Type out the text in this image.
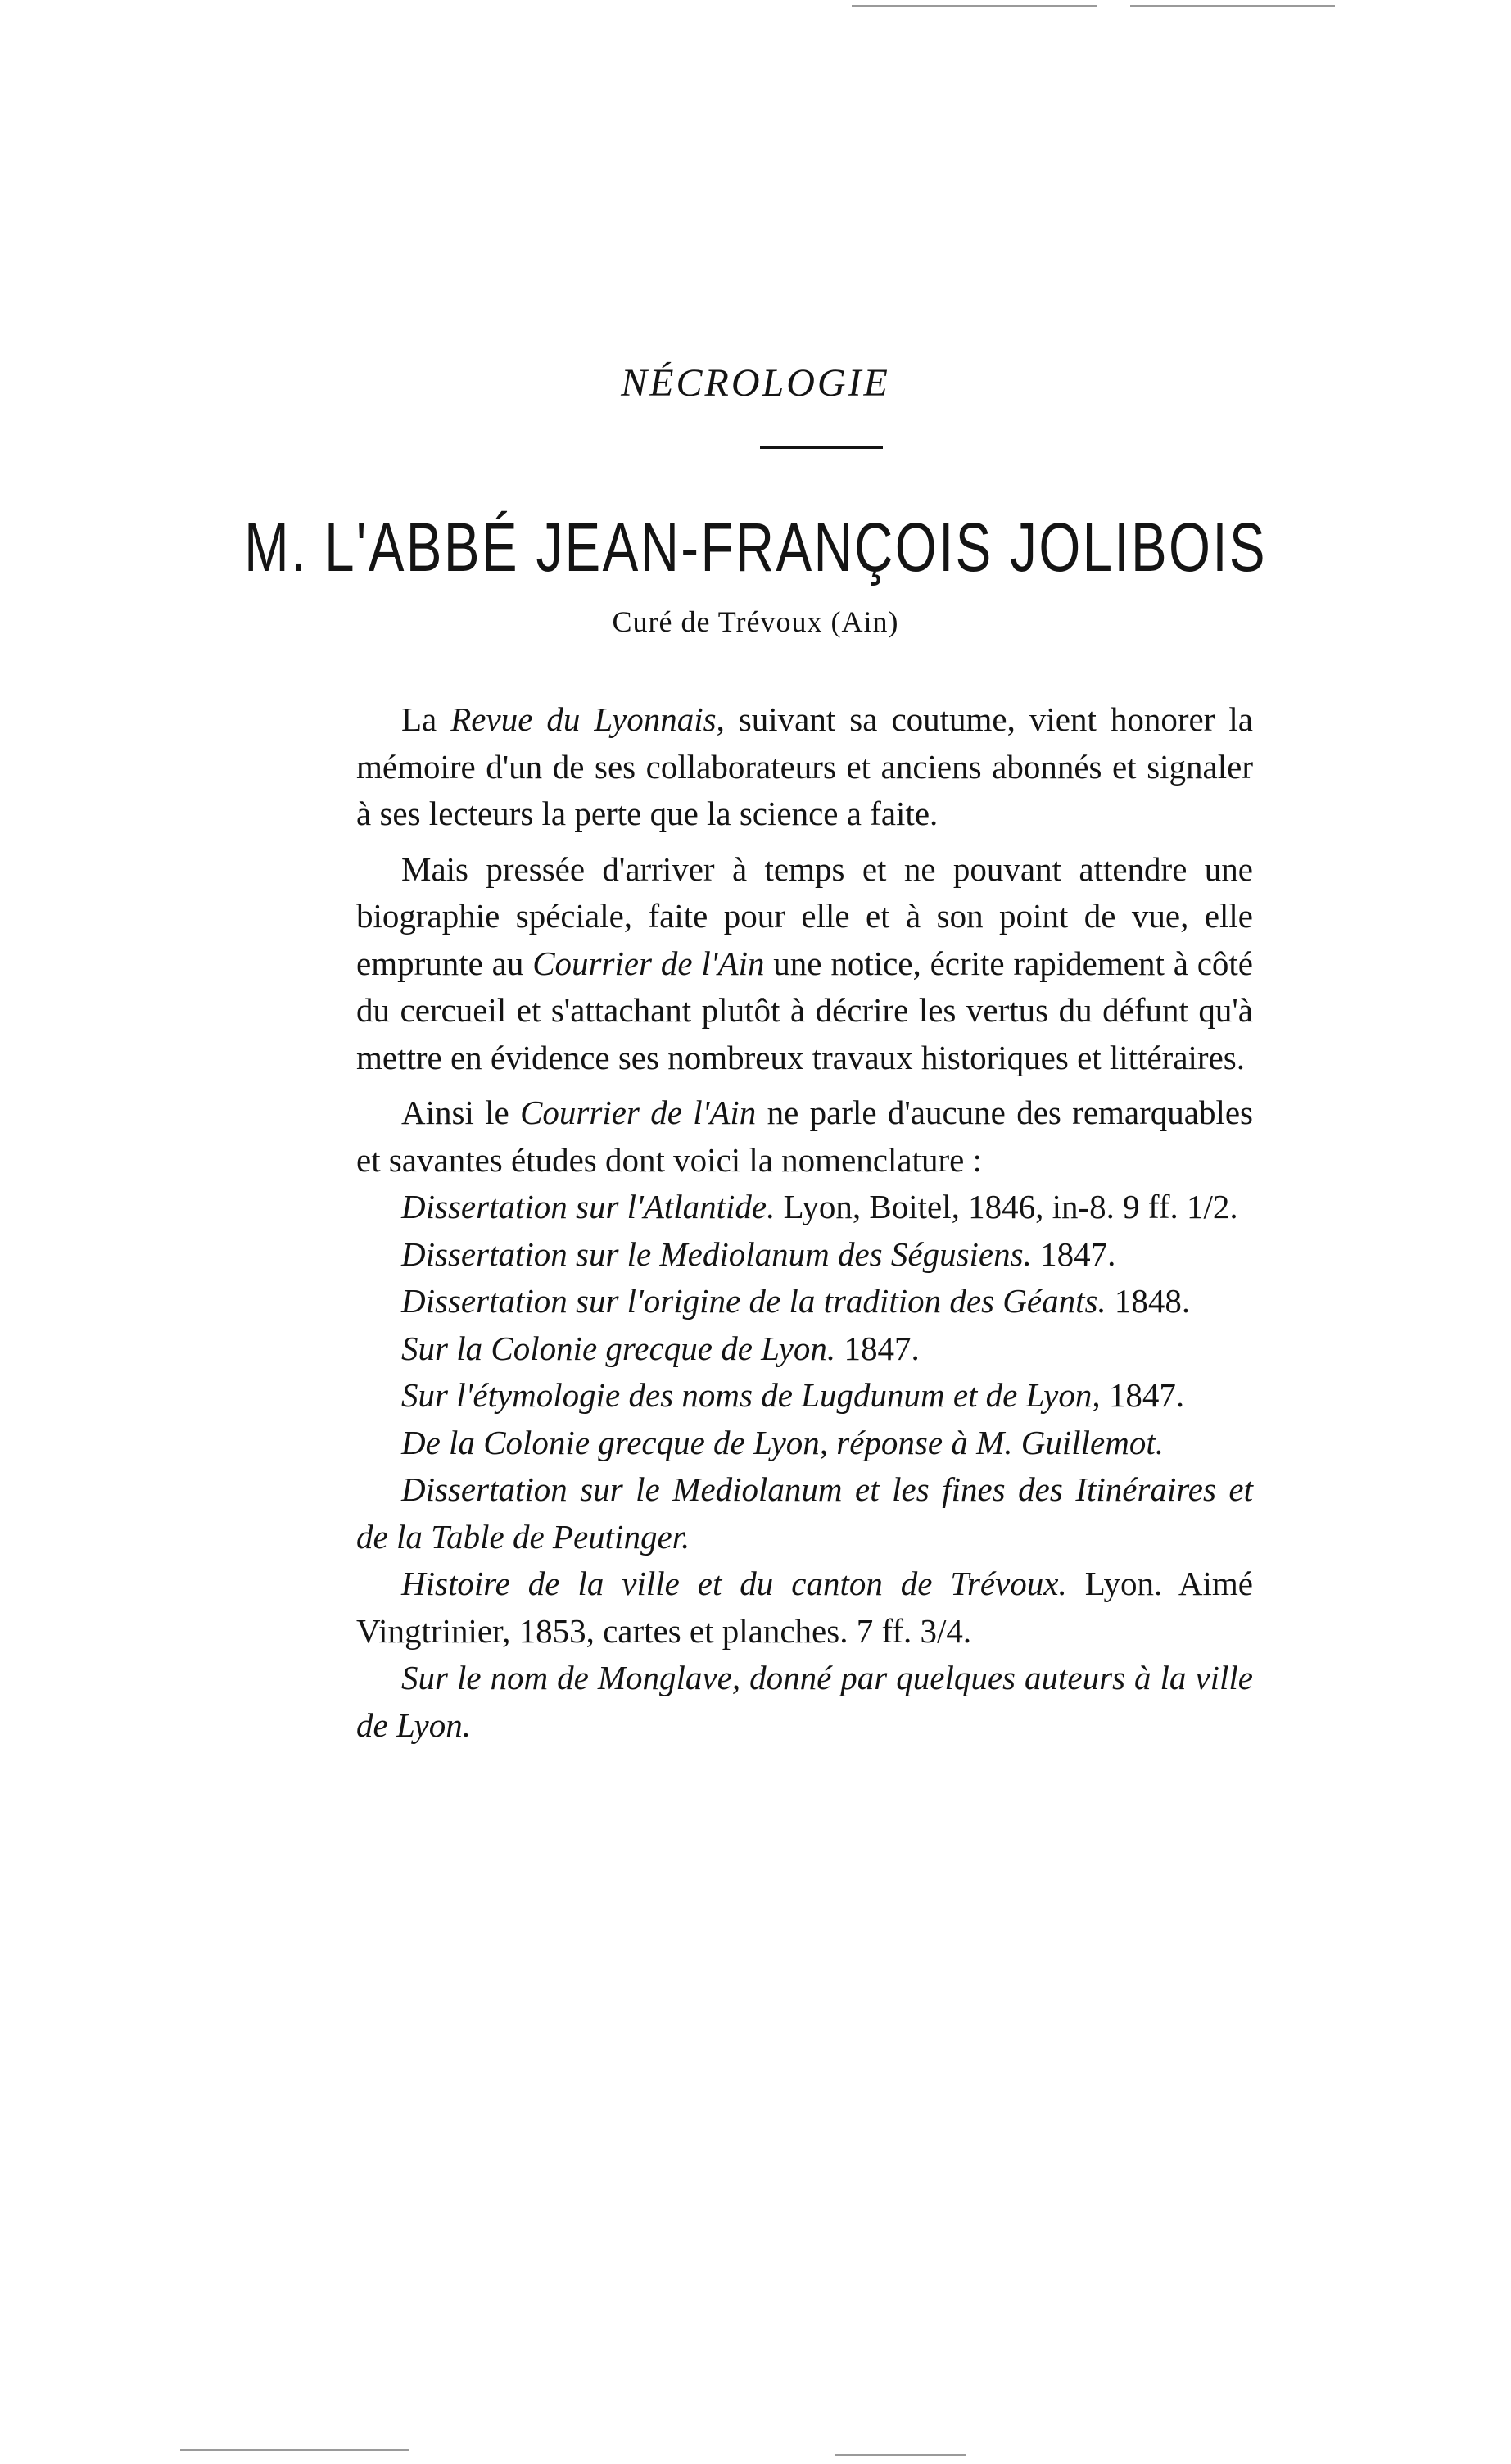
NÉCROLOGIE
M. L'ABBÉ JEAN-FRANÇOIS JOLIBOIS
Curé de Trévoux (Ain)

La Revue du Lyonnais, suivant sa coutume, vient honorer la mémoire d'un de ses collaborateurs et anciens abonnés et signaler à ses lecteurs la perte que la science a faite.

Mais pressée d'arriver à temps et ne pouvant attendre une biographie spéciale, faite pour elle et à son point de vue, elle emprunte au Courrier de l'Ain une notice, écrite rapidement à côté du cercueil et s'attachant plutôt à décrire les vertus du défunt qu'à mettre en évidence ses nombreux travaux historiques et littéraires.

Ainsi le Courrier de l'Ain ne parle d'aucune des remarquables et savantes études dont voici la nomenclature :

Dissertation sur l'Atlantide. Lyon, Boitel, 1846, in-8. 9 ff. 1/2.

Dissertation sur le Mediolanum des Ségusiens. 1847.

Dissertation sur l'origine de la tradition des Géants. 1848.

Sur la Colonie grecque de Lyon. 1847.

Sur l'étymologie des noms de Lugdunum et de Lyon, 1847.

De la Colonie grecque de Lyon, réponse à M. Guillemot.

Dissertation sur le Mediolanum et les fines des Itinéraires et de la Table de Peutinger.

Histoire de la ville et du canton de Trévoux. Lyon. Aimé Vingtrinier, 1853, cartes et planches. 7 ff. 3/4.

Sur le nom de Monglave, donné par quelques auteurs à la ville de Lyon.
